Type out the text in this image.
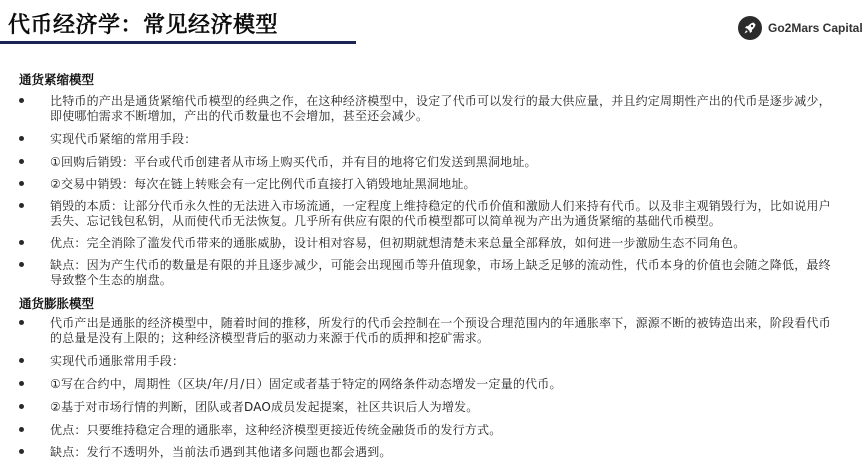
代币经济学：常见经济模型	Go2Mars Capital
通货紧缩模型
比特币的产出是通货紧缩代币模型的经典之作，在这种经济模型中，设定了代币可以发行的最大供应量，并且约定周期性产出的代币是逐步减少，即使哪怕需求不断增加，产出的代币数量也不会增加，甚至还会减少。
实现代币紧缩的常用手段：
①回购后销毁：平台或代币创建者从市场上购买代币，并有目的地将它们发送到黑洞地址。
②交易中销毁：每次在链上转账会有一定比例代币直接打入销毁地址黑洞地址。
销毁的本质：让部分代币永久性的无法进入市场流通，一定程度上维持稳定的代币价值和激励人们来持有代币。以及非主观销毁行为，比如说用户丢失、忘记钱包私钥，从而使代币无法恢复。几乎所有供应有限的代币模型都可以简单视为产出为通货紧缩的基础代币模型。
优点：完全消除了滥发代币带来的通胀威胁，设计相对容易，但初期就想清楚未来总量全部释放，如何进一步激励生态不同角色。
缺点：因为产生代币的数量是有限的并且逐步减少，可能会出现囤币等升值现象，市场上缺乏足够的流动性，代币本身的价值也会随之降低，最终导致整个生态的崩盘。
通货膨胀模型
代币产出是通胀的经济模型中，随着时间的推移，所发行的代币会控制在一个预设合理范围内的年通胀率下，源源不断的被铸造出来，阶段看代币的总量是没有上限的；这种经济模型背后的驱动力来源于代币的质押和挖矿需求。
实现代币通胀常用手段：
①写在合约中，周期性（区块/年/月/日）固定或者基于特定的网络条件动态增发一定量的代币。
②基于对市场行情的判断，团队或者DAO成员发起提案，社区共识后人为增发。
优点：只要维持稳定合理的通胀率，这种经济模型更接近传统金融货币的发行方式。
缺点：发行不透明外，当前法币遇到其他诸多问题也都会遇到。
